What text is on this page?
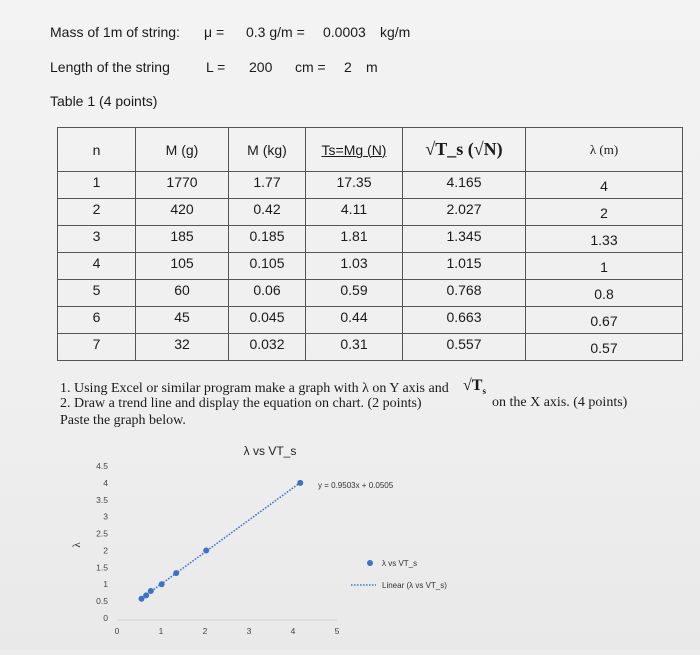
Mass of 1m of string: μ = 0.3 g/m = 0.0003 kg/m
Length of the string	L = 200 cm = 2 m
Table 1 (4 points)
n	M (g)	M (kg)	Ts=Mg (N)	√T_s (√N)	λ (m)
1	1770	1.77	17.35	4.165	4
2	420	0.42	4.11	2.027	2
3	185	0.185	1.81	1.345	1.33
4	105	0.105	1.03	1.015	1
5	60	0.06	0.59	0.768	0.8
6	45	0.045	0.44	0.663	0.67
7	32	0.032	0.31	0.557	0.57
1. Using Excel or similar program make a graph with λ on Y axis and $√T_s$
on the X axis. (4 points)
2. Draw a trend line and display the equation on chart. (2 points)
Paste the graph below.
λ vs VT_s
λ
0
0.5
1
1.5
2
2.5
3
3.5
4
4.5
0	1	2	3	4	5
y = 0.9503x + 0.0505
λ vs VT_s
Linear (λ vs VT_s)
